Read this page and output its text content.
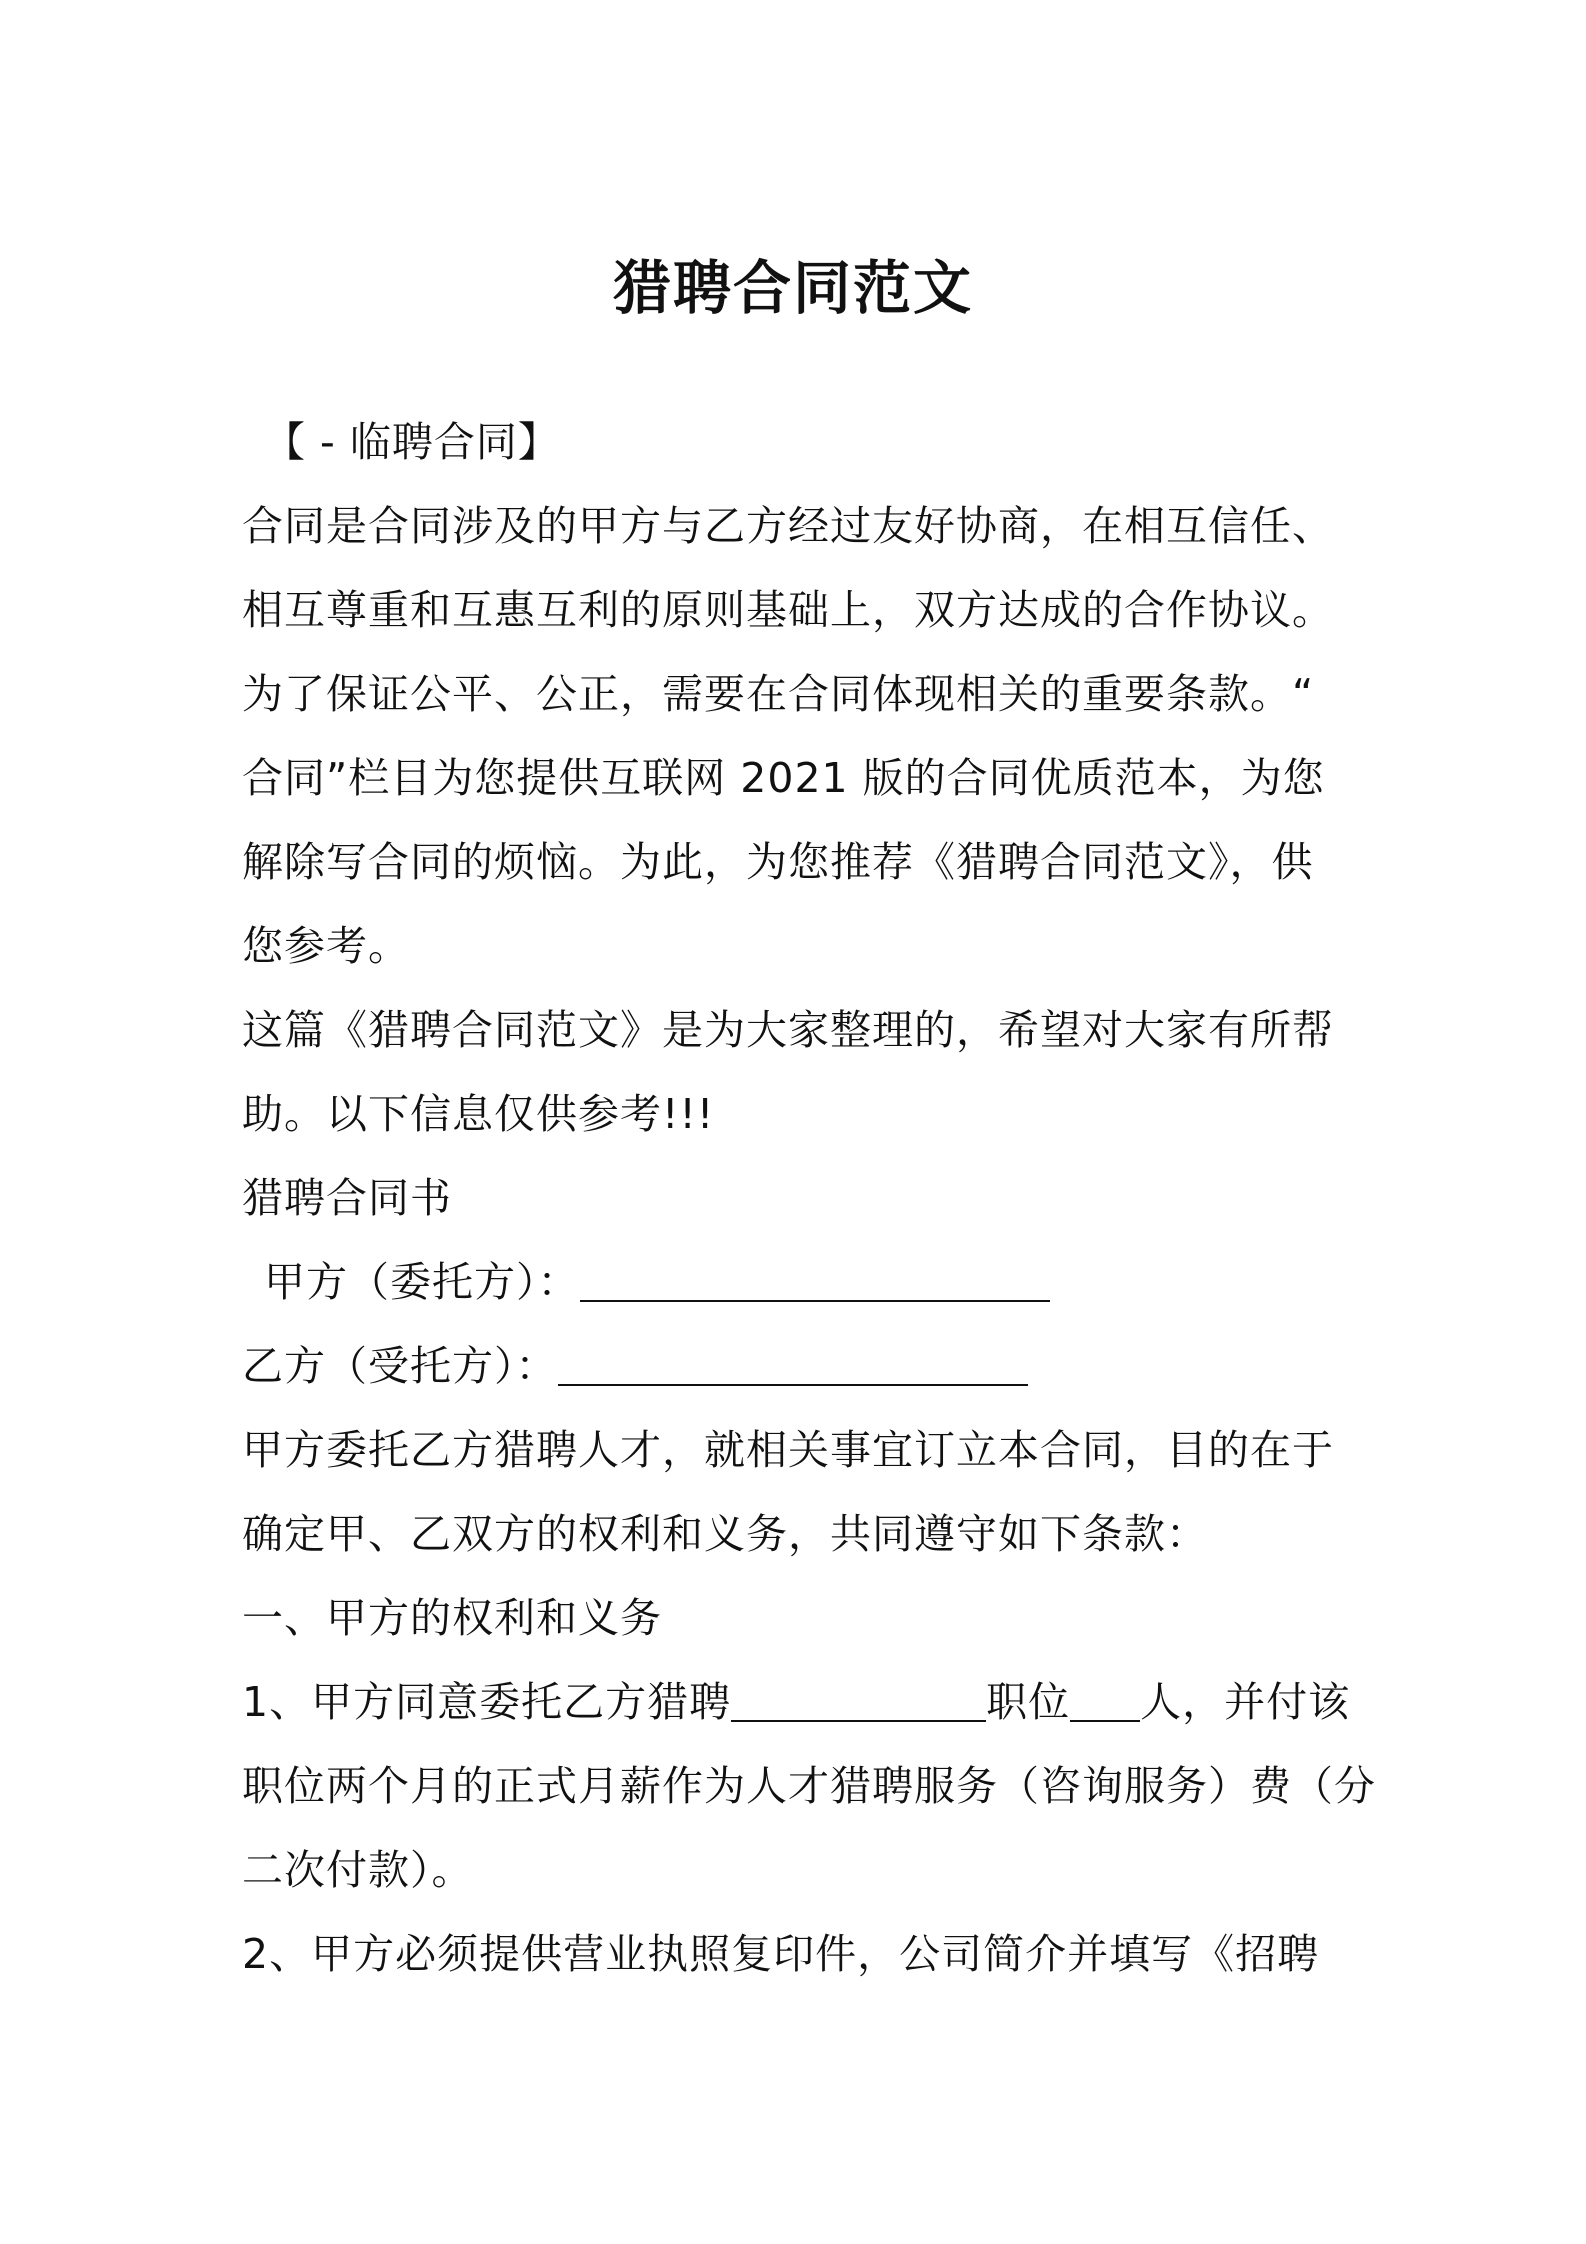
猎聘合同范文
【 - 临聘合同】
合同是合同涉及的甲方与乙方经过友好协商，在相互信任、
相互尊重和互惠互利的原则基础上，双方达成的合作协议。
为了保证公平、公正，需要在合同体现相关的重要条款。“
合同”栏目为您提供互联网 2021 版的合同优质范本，为您
解除写合同的烦恼。为此，为您推荐《猎聘合同范文》，供
您参考。
这篇《猎聘合同范文》是为大家整理的，希望对大家有所帮
助。以下信息仅供参考!!!
猎聘合同书
甲方（委托方）：
乙方（受托方）：
甲方委托乙方猎聘人才，就相关事宜订立本合同，目的在于
确定甲、乙双方的权利和义务，共同遵守如下条款：
一、甲方的权利和义务
1、甲方同意委托乙方猎聘	职位 人，并付该
职位两个月的正式月薪作为人才猎聘服务（咨询服务）费（分
二次付款）。
2、甲方必须提供营业执照复印件，公司简介并填写《招聘
